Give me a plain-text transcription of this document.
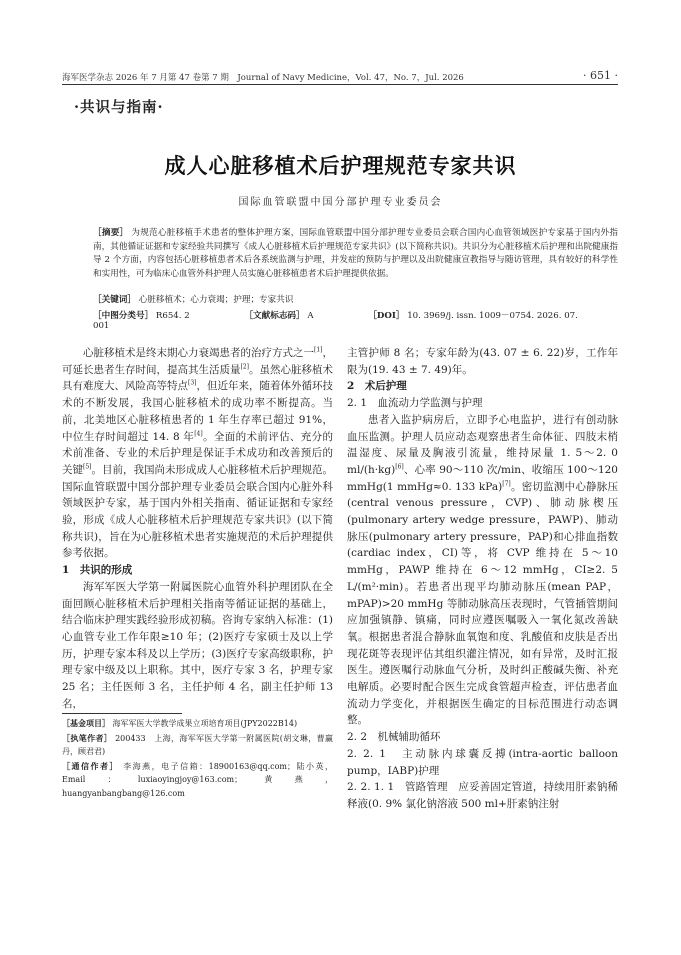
海军医学杂志 2026 年 7 月第 47 卷第 7 期　Journal of Navy Medicine，Vol. 47，No. 7，Jul. 2026	· 651 ·
·共识与指南·
成人心脏移植术后护理规范专家共识
国际血管联盟中国分部护理专业委员会
［摘要］ 为规范心脏移植手术患者的整体护理方案，国际血管联盟中国分部护理专业委员会联合国内心血管领域医护专家基于国内外指南，其他循证证据和专家经验共同撰写《成人心脏移植术后护理规范专家共识》(以下简称共识)。共识分为心脏移植术后护理和出院健康指导 2 个方面，内容包括心脏移植患者术后各系统监测与护理，并发症的预防与护理以及出院健康宣教指导与随访管理，具有较好的科学性和实用性，可为临床心血管外科护理人员实施心脏移植患者术后护理提供依据。
［关键词］ 心脏移植术；心力衰竭；护理；专家共识
［中图分类号］ R654. 2	［文献标志码］ A	［DOI］ 10. 3969/j. issn. 1009－0754. 2026. 07. 001

心脏移植术是终末期心力衰竭患者的治疗方式之一[1]，可延长患者生存时间，提高其生活质量[2]。虽然心脏移植术具有难度大、风险高等特点[3]，但近年来，随着体外循环技术的不断发展，我国心脏移植术的成功率不断提高。当前，北美地区心脏移植患者的 1 年生存率已超过 91%，中位生存时间超过 14. 8 年[4]。全面的术前评估、充分的术前准备、专业的术后护理是保证手术成功和改善预后的关键[5]。目前，我国尚未形成成人心脏移植术后护理规范。国际血管联盟中国分部护理专业委员会联合国内心脏外科领域医护专家，基于国内外相关指南、循证证据和专家经验，形成《成人心脏移植术后护理规范专家共识》(以下简称共识)，旨在为心脏移植术患者实施规范的术后护理提供参考依据。

1　共识的形成

海军军医大学第一附属医院心血管外科护理团队在全面回顾心脏移植术后护理相关指南等循证证据的基础上，结合临床护理实践经验形成初稿。咨询专家纳入标准：(1)心血管专业工作年限≥10 年；(2)医疗专家硕士及以上学历，护理专家本科及以上学历；(3)医疗专家高级职称，护理专家中级及以上职称。其中，医疗专家 3 名，护理专家 25 名；主任医师 3 名，主任护师 4 名，副主任护师 13 名，

［基金项目］ 海军军医大学教学成果立项培育项目(JPY2022B14)

［执笔作者］ 200433　上海，海军军医大学第一附属医院(胡文琳，曹赢丹，顾君君)

［通信作者］ 李海燕，电子信箱：18900163@qq.com；陆小英，Email：luxiaoyingjoy@163.com；黄燕，huangyanbangbang@126.com

主管护师 8 名；专家年龄为(43. 07 ± 6. 22)岁，工作年限为(19. 43 ± 7. 49)年。

2　术后护理

2. 1　血流动力学监测与护理

患者入监护病房后，立即予心电监护，进行有创动脉血压监测。护理人员应动态观察患者生命体征、四肢末梢温湿度、尿量及胸液引流量，维持尿量 1. 5～2. 0 ml/(h·kg)[6]、心率 90～110 次/min、收缩压 100～120 mmHg(1 mmHg≈0. 133 kPa)[7]。密切监测中心静脉压(central venous pressure，CVP)、肺动脉楔压(pulmonary artery wedge pressure，PAWP)、肺动脉压(pulmonary artery pressure，PAP)和心排血指数(cardiac index，CI)等，将 CVP 维持在 5～10 mmHg，PAWP 维持在 6～12 mmHg，CI≥2. 5 L/(m²·min)。若患者出现平均肺动脉压(mean PAP，mPAP)>20 mmHg 等肺动脉高压表现时，气管插管期间应加强镇静、镇痛，同时应遵医嘱吸入一氧化氮改善缺氧。根据患者混合静脉血氧饱和度、乳酸值和皮肤是否出现花斑等表现评估其组织灌注情况，如有异常，及时汇报医生。遵医嘱行动脉血气分析，及时纠正酸碱失衡、补充电解质。必要时配合医生完成食管超声检查，评估患者血流动力学变化，并根据医生确定的目标范围进行动态调整。

2. 2　机械辅助循环

2. 2. 1　主动脉内球囊反搏(intra-aortic balloon pump，IABP)护理

2. 2. 1. 1　管路管理　 应妥善固定管道，持续用肝素钠稀释液(0. 9% 氯化钠溶液 500 ml+肝素钠注射
